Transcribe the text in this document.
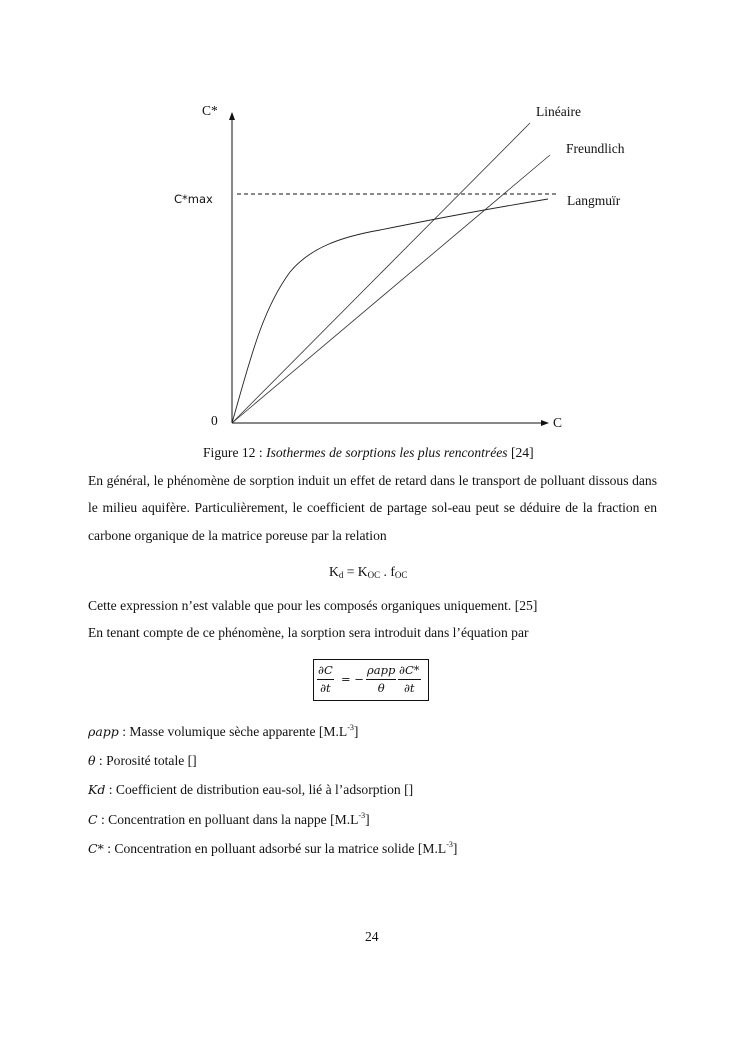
C*
C
0
C*max
Linéaire
Freundlich
Langmuïr
Figure 12 : Isothermes de sorptions les plus rencontrées [24]

En général, le phénomène de sorption induit un effet de retard dans le transport de polluant dissous dans le milieu aquifère. Particulièrement, le coefficient de partage sol-eau peut se déduire de la fraction en carbone organique de la matrice poreuse par la relation

$K_d = K_{OC}$ . $f_{OC}$
Cette expression n’est valable que pour les composés organiques uniquement. [25]
En tenant compte de ce phénomène, la sorption sera introduit dans l’équation par
$\frac{\partial C}{\partial t}$ = −
ρapp
θ	$\frac{\partial C*}{\partial t}$
ρapp : Masse volumique sèche apparente $[M.L^{-3}]$
θ : Porosité totale []
Kd : Coefficient de distribution eau-sol, lié à l’adsorption []
C : Concentration en polluant dans la nappe $[M.L^{-3}]$
C* : Concentration en polluant adsorbé sur la matrice solide $[M.L^{-3}]$
24
